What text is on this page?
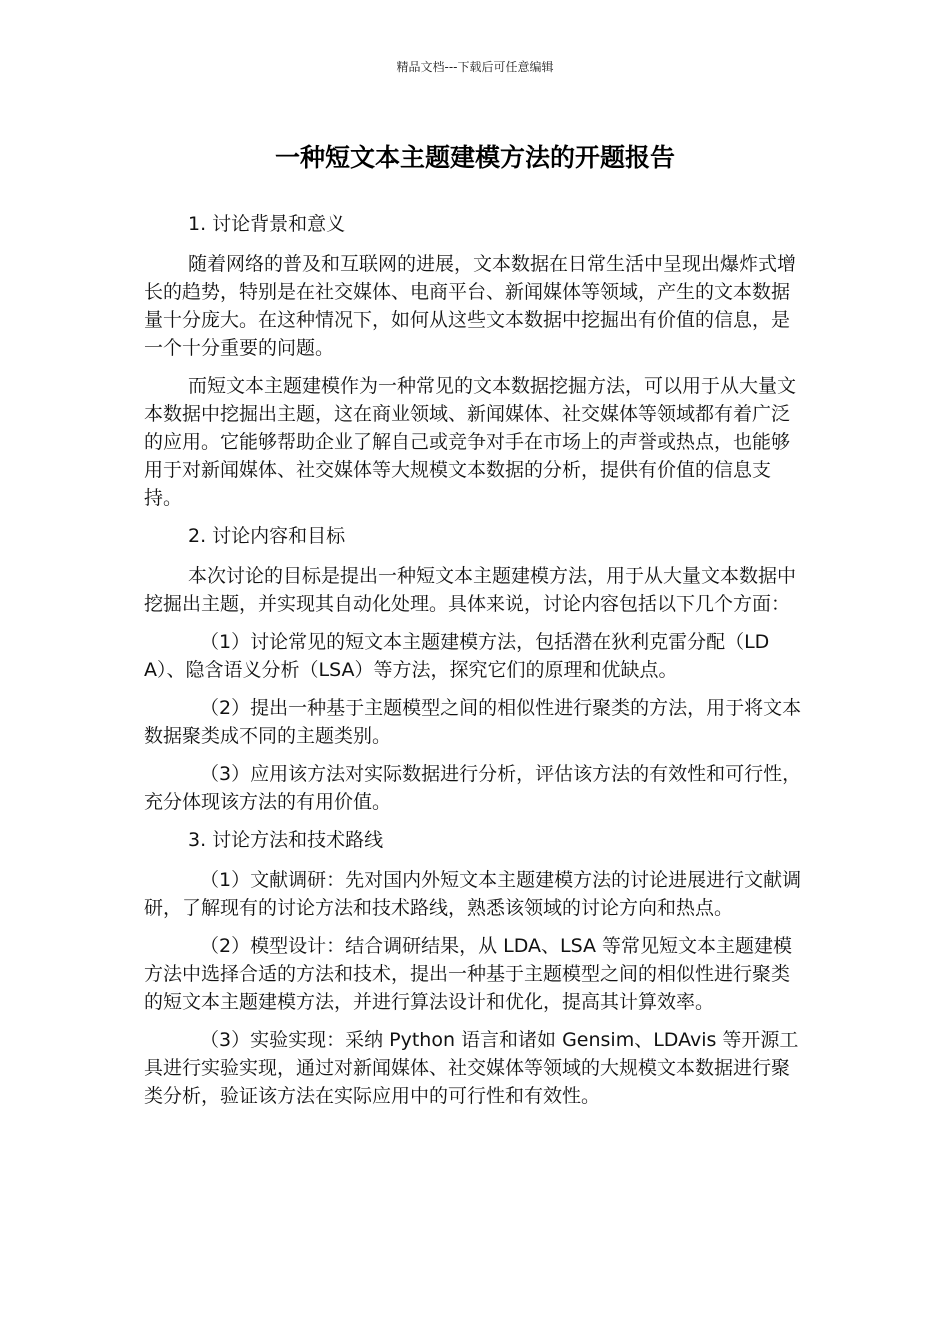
精品文档---下载后可任意编辑
一种短文本主题建模方法的开题报告
1. 讨论背景和意义

随着网络的普及和互联网的进展，文本数据在日常生活中呈现出爆炸式增长的趋势，特别是在社交媒体、电商平台、新闻媒体等领域，产生的文本数据量十分庞大。在这种情况下，如何从这些文本数据中挖掘出有价值的信息，是一个十分重要的问题。

而短文本主题建模作为一种常见的文本数据挖掘方法，可以用于从大量文本数据中挖掘出主题，这在商业领域、新闻媒体、社交媒体等领域都有着广泛的应用。它能够帮助企业了解自己或竞争对手在市场上的声誉或热点，也能够用于对新闻媒体、社交媒体等大规模文本数据的分析，提供有价值的信息支持。

2. 讨论内容和目标

本次讨论的目标是提出一种短文本主题建模方法，用于从大量文本数据中挖掘出主题，并实现其自动化处理。具体来说，讨论内容包括以下几个方面：

（1）讨论常见的短文本主题建模方法，包括潜在狄利克雷分配（LDA）、隐含语义分析（LSA）等方法，探究它们的原理和优缺点。

（2）提出一种基于主题模型之间的相似性进行聚类的方法，用于将文本数据聚类成不同的主题类别。

（3）应用该方法对实际数据进行分析，评估该方法的有效性和可行性，充分体现该方法的有用价值。

3. 讨论方法和技术路线

（1）文献调研：先对国内外短文本主题建模方法的讨论进展进行文献调研，了解现有的讨论方法和技术路线，熟悉该领域的讨论方向和热点。

（2）模型设计：结合调研结果，从 LDA、LSA 等常见短文本主题建模方法中选择合适的方法和技术，提出一种基于主题模型之间的相似性进行聚类的短文本主题建模方法，并进行算法设计和优化，提高其计算效率。

（3）实验实现：采纳 Python 语言和诸如 Gensim、LDAvis 等开源工具进行实验实现，通过对新闻媒体、社交媒体等领域的大规模文本数据进行聚类分析，验证该方法在实际应用中的可行性和有效性。
